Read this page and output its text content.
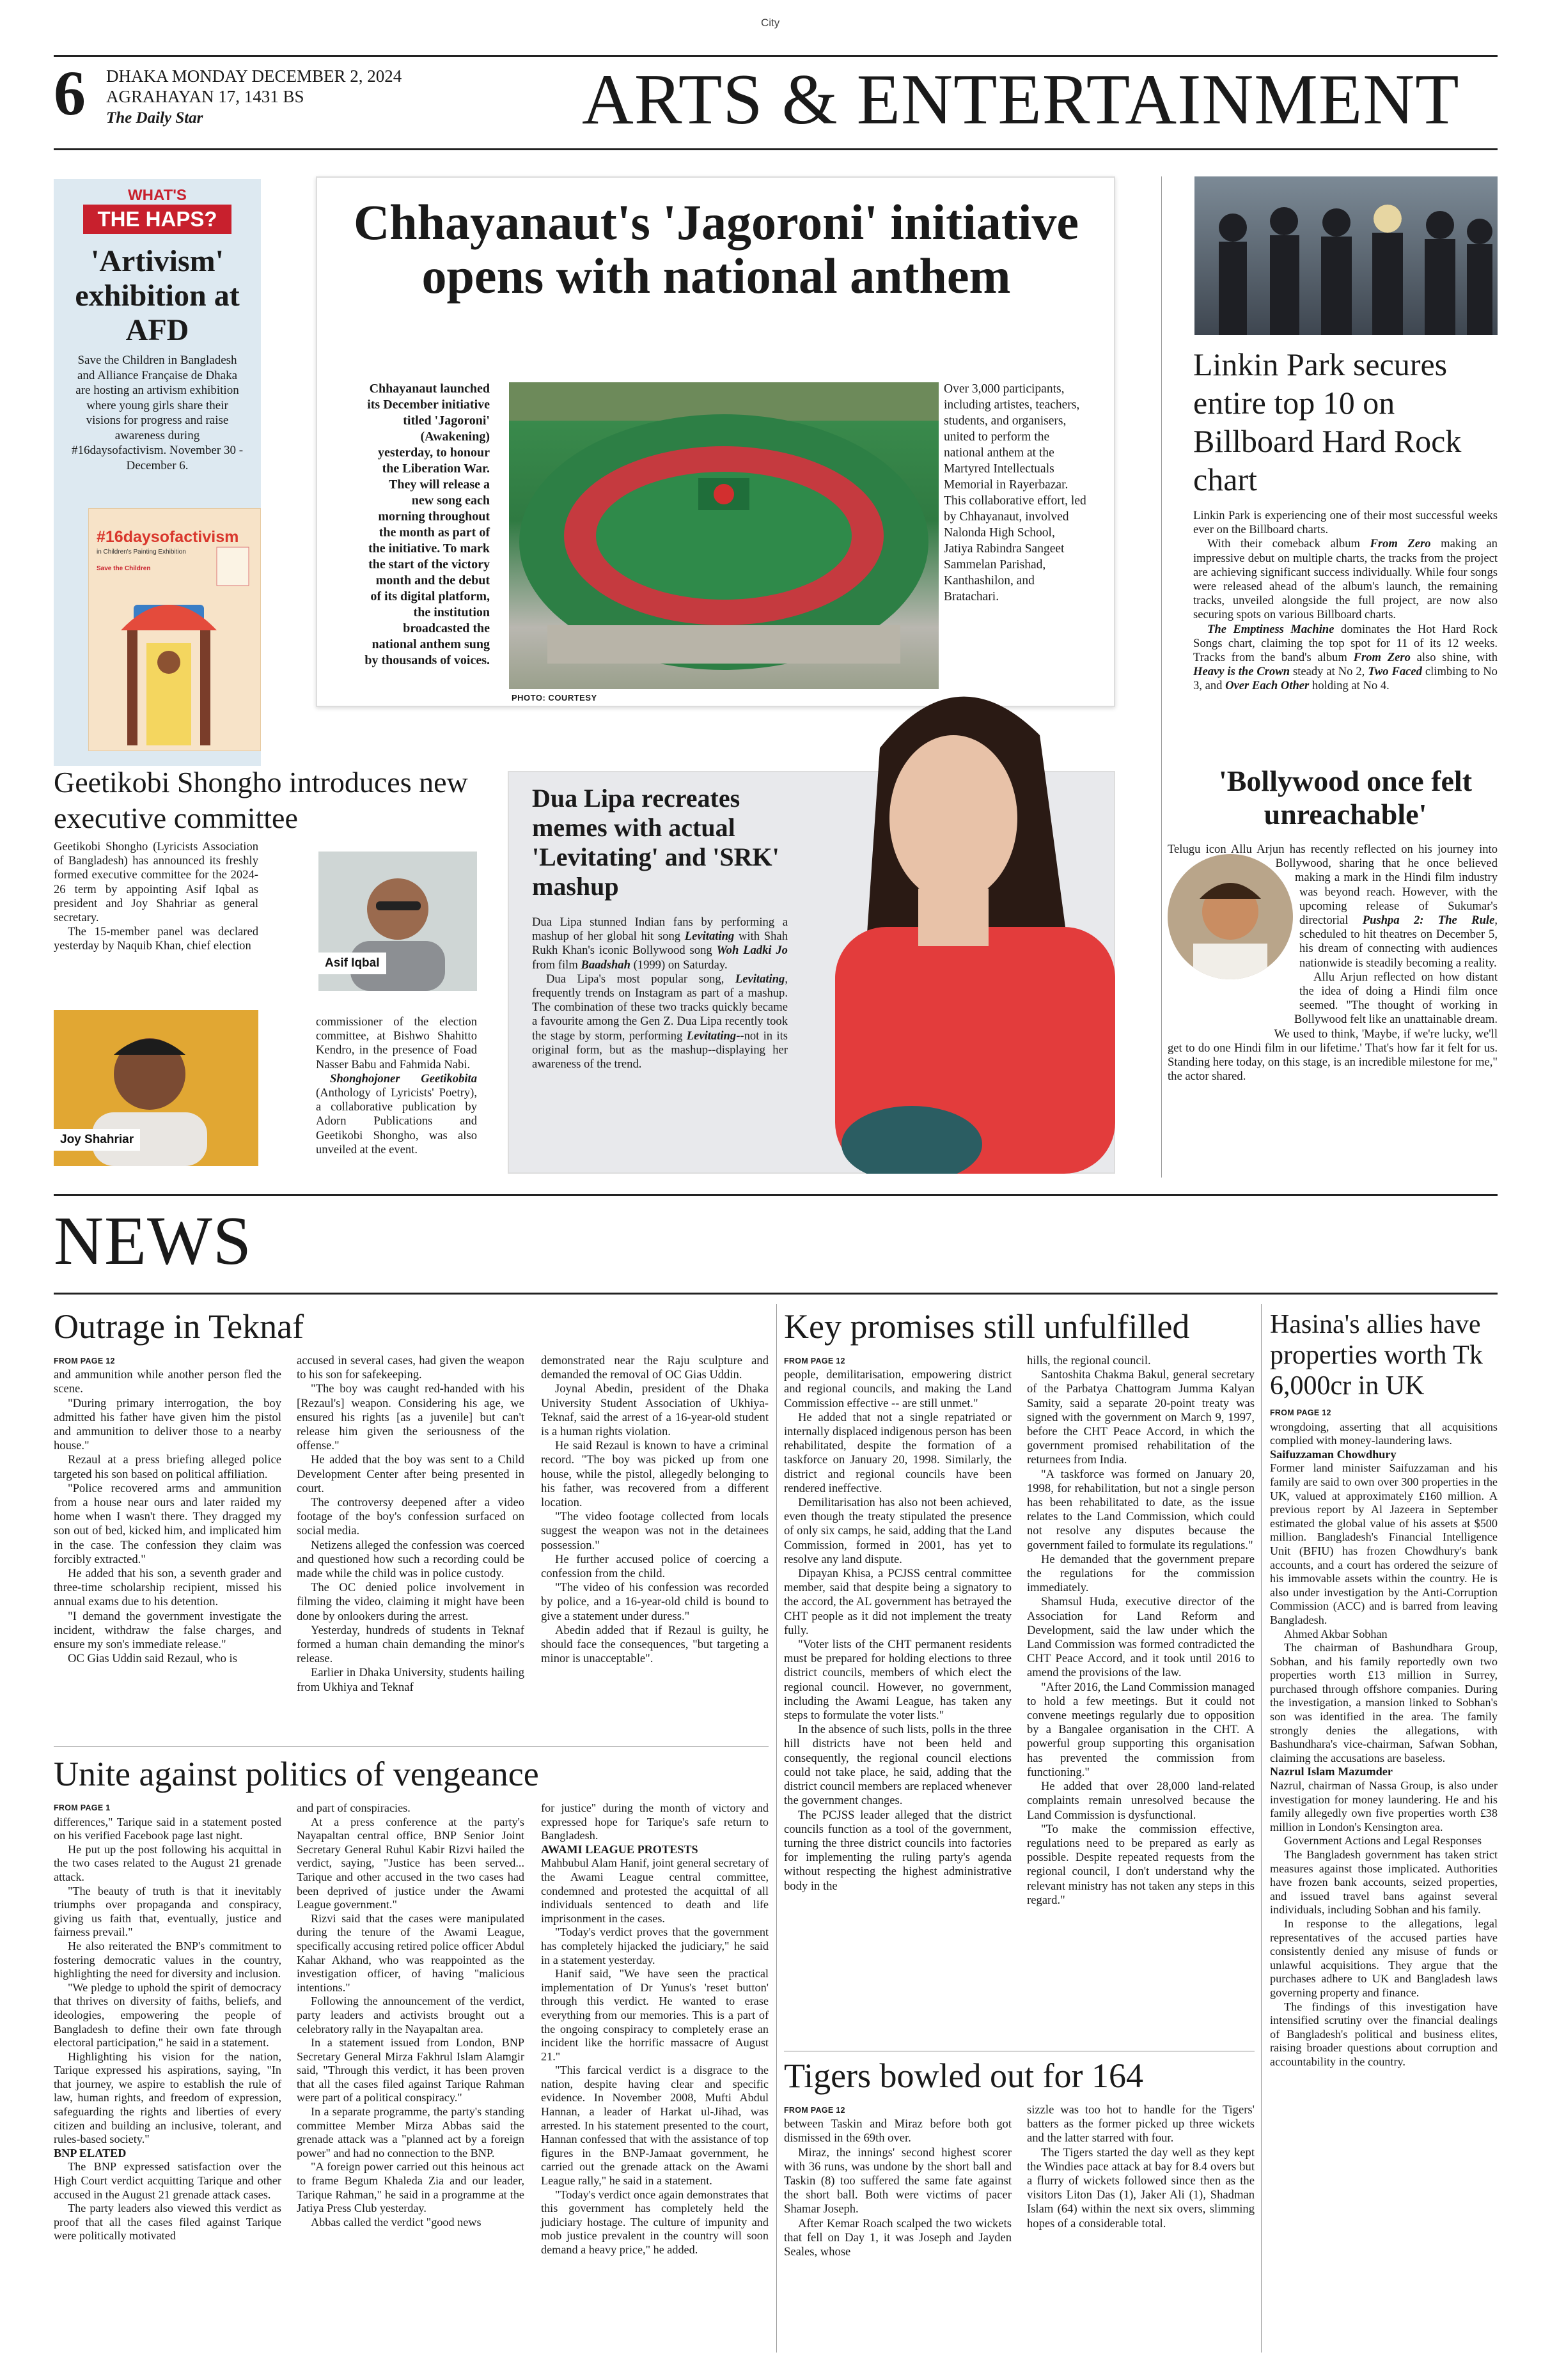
City
6 DHAKA MONDAY DECEMBER 2, 2024
AGRAHAYAN 17, 1431 BS
The Daily Star	ARTS & ENTERTAINMENT
WHAT'S
THE HAPS?
'Artivism' exhibition at AFD
Save the Children in Bangladesh and Alliance Française de Dhaka are hosting an artivism exhibition where young girls share their visions for progress and raise awareness during #16daysofactivism. November 30 - December 6.
#16daysofactivism
in Children's Painting Exhibition
Save the Children
Chhayanaut's 'Jagoroni' initiative opens with national anthem
Chhayanaut launched its December initiative titled 'Jagoroni' (Awakening) yesterday, to honour the Liberation War. They will release a new song each morning throughout the month as part of the initiative. To mark the start of the victory month and the debut of its digital platform, the institution broadcasted the national anthem sung by thousands of voices.
PHOTO: COURTESY
Over 3,000 participants, including artistes, teachers, students, and organisers, united to perform the national anthem at the Martyred Intellectuals Memorial in Rayerbazar. This collaborative effort, led by Chhayanaut, involved Nalonda High School, Jatiya Rabindra Sangeet Sammelan Parishad, Kanthashilon, and Bratachari.
Linkin Park secures entire top 10 on Billboard Hard Rock chart

Linkin Park is experiencing one of their most successful weeks ever on the Billboard charts.

With their comeback album From Zero making an impressive debut on multiple charts, the tracks from the project are achieving significant success individually. While four songs were released ahead of the album's launch, the remaining tracks, unveiled alongside the full project, are now also securing spots on various Billboard charts.

The Emptiness Machine dominates the Hot Hard Rock Songs chart, claiming the top spot for 11 of its 12 weeks. Tracks from the band's album From Zero also shine, with Heavy is the Crown steady at No 2, Two Faced climbing to No 3, and Over Each Other holding at No 4.

Geetikobi Shongho introduces new executive committee

Geetikobi Shongho (Lyricists Association of Bangladesh) has announced its freshly formed executive committee for the 2024-26 term by appointing Asif Iqbal as president and Joy Shahriar as general secretary.

The 15-member panel was declared yesterday by Naquib Khan, chief election

Asif Iqbal
Joy Shahriar

commissioner of the election committee, at Bishwo Shahitto Kendro, in the presence of Foad Nasser Babu and Fahmida Nabi.

Shonghojoner Geetikobita (Anthology of Lyricists' Poetry), a collaborative publication by Adorn Publications and Geetikobi Shongho, was also unveiled at the event.

Dua Lipa recreates memes with actual 'Levitating' and 'SRK' mashup

Dua Lipa stunned Indian fans by performing a mashup of her global hit song Levitating with Shah Rukh Khan's iconic Bollywood song Woh Ladki Jo from film Baadshah (1999) on Saturday.

Dua Lipa's most popular song, Levitating, frequently trends on Instagram as part of a mashup. The combination of these two tracks quickly became a favourite among the Gen Z. Dua Lipa recently took the stage by storm, performing Levitating--not in its original form, but as the mashup--displaying her awareness of the trend.

'Bollywood once felt unreachable'

Telugu icon Allu Arjun has recently reflected on his journey into Bollywood, sharing that he once believed making a mark in the Hindi film industry was beyond reach. However, with the upcoming release of Sukumar's directorial Pushpa 2: The Rule, scheduled to hit theatres on December 5, his dream of connecting with audiences nationwide is steadily becoming a reality.

Allu Arjun reflected on how distant the idea of doing a Hindi film once seemed. "The thought of working in Bollywood felt like an unattainable dream. We used to think, 'Maybe, if we're lucky, we'll get to do one Hindi film in our lifetime.' That's how far it felt for us. Standing here today, on this stage, is an incredible milestone for me," the actor shared.

NEWS
Outrage in Teknaf
FROM PAGE 12

and ammunition while another person fled the scene.

"During primary interrogation, the boy admitted his father have given him the pistol and ammunition to deliver those to a nearby house."

Rezaul at a press briefing alleged police targeted his son based on political affiliation.

"Police recovered arms and ammunition from a house near ours and later raided my home when I wasn't there. They dragged my son out of bed, kicked him, and implicated him in the case. The confession they claim was forcibly extracted."

He added that his son, a seventh grader and three-time scholarship recipient, missed his annual exams due to his detention.

"I demand the government investigate the incident, withdraw the false charges, and ensure my son's immediate release."

OC Gias Uddin said Rezaul, who is

accused in several cases, had given the weapon to his son for safekeeping.

"The boy was caught red-handed with his [Rezaul's] weapon. Considering his age, we ensured his rights [as a juvenile] but can't release him given the seriousness of the offense."

He added that the boy was sent to a Child Development Center after being presented in court.

The controversy deepened after a video footage of the boy's confession surfaced on social media.

Netizens alleged the confession was coerced and questioned how such a recording could be made while the child was in police custody.

The OC denied police involvement in filming the video, claiming it might have been done by onlookers during the arrest.

Yesterday, hundreds of students in Teknaf formed a human chain demanding the minor's release.

Earlier in Dhaka University, students hailing from Ukhiya and Teknaf

demonstrated near the Raju sculpture and demanded the removal of OC Gias Uddin.

Joynal Abedin, president of the Dhaka University Student Association of Ukhiya-Teknaf, said the arrest of a 16-year-old student is a human rights violation.

He said Rezaul is known to have a criminal record. "The boy was picked up from one house, while the pistol, allegedly belonging to his father, was recovered from a different location.

"The video footage collected from locals suggest the weapon was not in the detainees possession."

He further accused police of coercing a confession from the child.

"The video of his confession was recorded by police, and a 16-year-old child is bound to give a statement under duress."

Abedin added that if Rezaul is guilty, he should face the consequences, "but targeting a minor is unacceptable".

Unite against politics of vengeance
FROM PAGE 1

differences," Tarique said in a statement posted on his verified Facebook page last night.

He put up the post following his acquittal in the two cases related to the August 21 grenade attack.

"The beauty of truth is that it inevitably triumphs over propaganda and conspiracy, giving us faith that, eventually, justice and fairness prevail."

He also reiterated the BNP's commitment to fostering democratic values in the country, highlighting the need for diversity and inclusion.

"We pledge to uphold the spirit of democracy that thrives on diversity of faiths, beliefs, and ideologies, empowering the people of Bangladesh to define their own fate through electoral participation," he said in a statement.

Highlighting his vision for the nation, Tarique expressed his aspirations, saying, "In that journey, we aspire to establish the rule of law, human rights, and freedom of expression, safeguarding the rights and liberties of every citizen and building an inclusive, tolerant, and rules-based society."

BNP ELATED

The BNP expressed satisfaction over the High Court verdict acquitting Tarique and other accused in the August 21 grenade attack cases.

The party leaders also viewed this verdict as proof that all the cases filed against Tarique were politically motivated

and part of conspiracies.

At a press conference at the party's Nayapaltan central office, BNP Senior Joint Secretary General Ruhul Kabir Rizvi hailed the verdict, saying, "Justice has been served... Tarique and other accused in the two cases had been deprived of justice under the Awami League government."

Rizvi said that the cases were manipulated during the tenure of the Awami League, specifically accusing retired police officer Abdul Kahar Akhand, who was reappointed as the investigation officer, of having "malicious intentions."

Following the announcement of the verdict, party leaders and activists brought out a celebratory rally in the Nayapaltan area.

In a statement issued from London, BNP Secretary General Mirza Fakhrul Islam Alamgir said, "Through this verdict, it has been proven that all the cases filed against Tarique Rahman were part of a political conspiracy."

In a separate programme, the party's standing committee Member Mirza Abbas said the grenade attack was a "planned act by a foreign power" and had no connection to the BNP.

"A foreign power carried out this heinous act to frame Begum Khaleda Zia and our leader, Tarique Rahman," he said in a programme at the Jatiya Press Club yesterday.

Abbas called the verdict "good news

for justice" during the month of victory and expressed hope for Tarique's safe return to Bangladesh.

AWAMI LEAGUE PROTESTS

Mahbubul Alam Hanif, joint general secretary of the Awami League central committee, condemned and protested the acquittal of all individuals sentenced to death and life imprisonment in the cases.

"Today's verdict proves that the government has completely hijacked the judiciary," he said in a statement yesterday.

Hanif said, "We have seen the practical implementation of Dr Yunus's 'reset button' through this verdict. He wanted to erase everything from our memories. This is a part of the ongoing conspiracy to completely erase an incident like the horrific massacre of August 21."

"This farcical verdict is a disgrace to the nation, despite having clear and specific evidence. In November 2008, Mufti Abdul Hannan, a leader of Harkat ul-Jihad, was arrested. In his statement presented to the court, Hannan confessed that with the assistance of top figures in the BNP-Jamaat government, he carried out the grenade attack on the Awami League rally," he said in a statement.

"Today's verdict once again demonstrates that this government has completely held the judiciary hostage. The culture of impunity and mob justice prevalent in the country will soon demand a heavy price," he added.

Key promises still unfulfilled
FROM PAGE 12

people, demilitarisation, empowering district and regional councils, and making the Land Commission effective -- are still unmet."

He added that not a single repatriated or internally displaced indigenous person has been rehabilitated, despite the formation of a taskforce on January 20, 1998. Similarly, the district and regional councils have been rendered ineffective.

Demilitarisation has also not been achieved, even though the treaty stipulated the presence of only six camps, he said, adding that the Land Commission, formed in 2001, has yet to resolve any land dispute.

Dipayan Khisa, a PCJSS central committee member, said that despite being a signatory to the accord, the AL government has betrayed the CHT people as it did not implement the treaty fully.

"Voter lists of the CHT permanent residents must be prepared for holding elections to three district councils, members of which elect the regional council. However, no government, including the Awami League, has taken any steps to formulate the voter lists."

In the absence of such lists, polls in the three hill districts have not been held and consequently, the regional council elections could not take place, he said, adding that the district council members are replaced whenever the government changes.

The PCJSS leader alleged that the district councils function as a tool of the government, turning the three district councils into factories for implementing the ruling party's agenda without respecting the highest administrative body in the

hills, the regional council.

Santoshita Chakma Bakul, general secretary of the Parbatya Chattogram Jumma Kalyan Samity, said a separate 20-point treaty was signed with the government on March 9, 1997, before the CHT Peace Accord, in which the government promised rehabilitation of the returnees from India.

"A taskforce was formed on January 20, 1998, for rehabilitation, but not a single person has been rehabilitated to date, as the issue relates to the Land Commission, which could not resolve any disputes because the government failed to formulate its regulations."

He demanded that the government prepare the regulations for the commission immediately.

Shamsul Huda, executive director of the Association for Land Reform and Development, said the law under which the Land Commission was formed contradicted the CHT Peace Accord, and it took until 2016 to amend the provisions of the law.

"After 2016, the Land Commission managed to hold a few meetings. But it could not convene meetings regularly due to opposition by a Bangalee organisation in the CHT. A powerful group supporting this organisation has prevented the commission from functioning."

He added that over 28,000 land-related complaints remain unresolved because the Land Commission is dysfunctional.

"To make the commission effective, regulations need to be prepared as early as possible. Despite repeated requests from the regional council, I don't understand why the relevant ministry has not taken any steps in this regard."

Tigers bowled out for 164
FROM PAGE 12

between Taskin and Miraz before both got dismissed in the 69th over.

Miraz, the innings' second highest scorer with 36 runs, was undone by the short ball and Taskin (8) too suffered the same fate against the short ball. Both were victims of pacer Shamar Joseph.

After Kemar Roach scalped the two wickets that fell on Day 1, it was Joseph and Jayden Seales, whose

sizzle was too hot to handle for the Tigers' batters as the former picked up three wickets and the latter starred with four.

The Tigers started the day well as they kept the Windies pace attack at bay for 8.4 overs but a flurry of wickets followed since then as the visitors Liton Das (1), Jaker Ali (1), Shadman Islam (64) within the next six overs, slimming hopes of a considerable total.

Hasina's allies have properties worth Tk 6,000cr in UK
FROM PAGE 12

wrongdoing, asserting that all acquisitions complied with money-laundering laws.

Saifuzzaman Chowdhury

Former land minister Saifuzzaman and his family are said to own over 300 properties in the UK, valued at approximately £160 million. A previous report by Al Jazeera in September estimated the global value of his assets at $500 million. Bangladesh's Financial Intelligence Unit (BFIU) has frozen Chowdhury's bank accounts, and a court has ordered the seizure of his immovable assets within the country. He is also under investigation by the Anti-Corruption Commission (ACC) and is barred from leaving Bangladesh.

Ahmed Akbar Sobhan

The chairman of Bashundhara Group, Sobhan, and his family reportedly own two properties worth £13 million in Surrey, purchased through offshore companies. During the investigation, a mansion linked to Sobhan's son was identified in the area. The family strongly denies the allegations, with Bashundhara's vice-chairman, Safwan Sobhan, claiming the accusations are baseless.

Nazrul Islam Mazumder

Nazrul, chairman of Nassa Group, is also under investigation for money laundering. He and his family allegedly own five properties worth £38 million in London's Kensington area.

Government Actions and Legal Responses

The Bangladesh government has taken strict measures against those implicated. Authorities have frozen bank accounts, seized properties, and issued travel bans against several individuals, including Sobhan and his family.

In response to the allegations, legal representatives of the accused parties have consistently denied any misuse of funds or unlawful acquisitions. They argue that the purchases adhere to UK and Bangladesh laws governing property and finance.

The findings of this investigation have intensified scrutiny over the financial dealings of Bangladesh's political and business elites, raising broader questions about corruption and accountability in the country.
